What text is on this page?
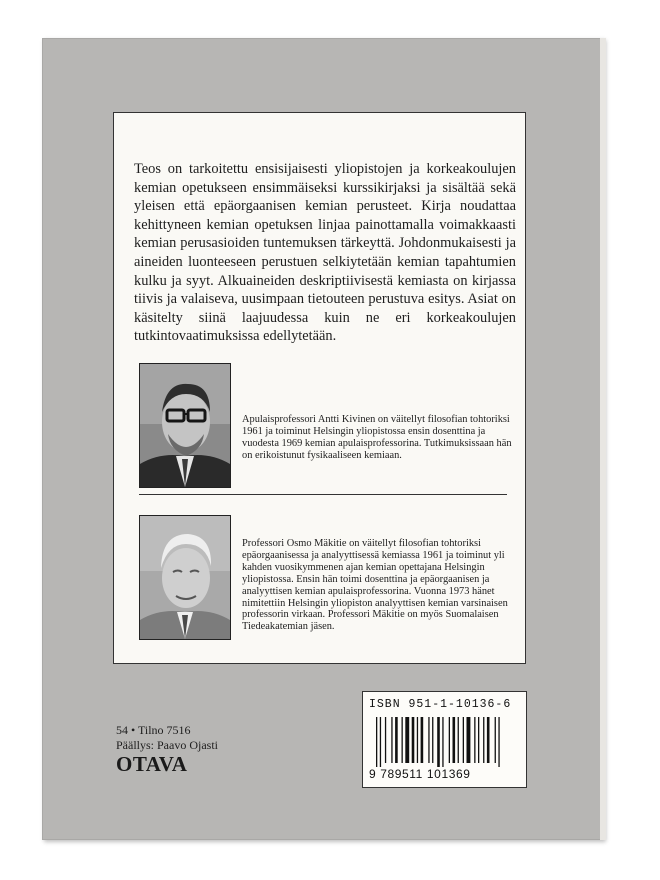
Teos on tarkoitettu ensisijaisesti yliopistojen ja korkeakoulujen kemian opetukseen ensimmäiseksi kurssikirjaksi ja sisältää sekä yleisen että epäorgaanisen kemian perusteet. Kirja noudattaa kehittyneen kemian opetuksen linjaa painottamalla voimakkaasti kemian perusasioiden tuntemuksen tärkeyttä. Johdonmukaisesti ja aineiden luonteeseen perustuen selkiytetään kemian tapahtumien kulku ja syyt. Alkuaineiden deskriptiivisestä kemiasta on kirjassa tiivis ja valaiseva, uusimpaan tietouteen perustuva esitys. Asiat on käsitelty siinä laajuudessa kuin ne eri korkeakoulujen tutkintovaatimuksissa edellytetään.

Apulaisprofessori Antti Kivinen on väitellyt filosofian tohtoriksi 1961 ja toiminut Helsingin yliopistossa ensin dosenttina ja vuodesta 1969 kemian apulaisprofessorina. Tutkimuksissaan hän on erikoistunut fysikaaliseen kemiaan.

Professori Osmo Mäkitie on väitellyt filosofian tohtoriksi epäorgaanisessa ja analyyttisessä kemiassa 1961 ja toiminut yli kahden vuosikymmenen ajan kemian opettajana Helsingin yliopistossa. Ensin hän toimi dosenttina ja epäorgaanisen ja analyyttisen kemian apulaisprofessorina. Vuonna 1973 hänet nimitettiin Helsingin yliopiston analyyttisen kemian varsinaisen professorin virkaan. Professori Mäkitie on myös Suomalaisen Tiedeakatemian jäsen.

54 • Tilno 7516
Päällys: Paavo Ojasti
OTAVA
ISBN 951-1-10136-6
9 789511 101369
